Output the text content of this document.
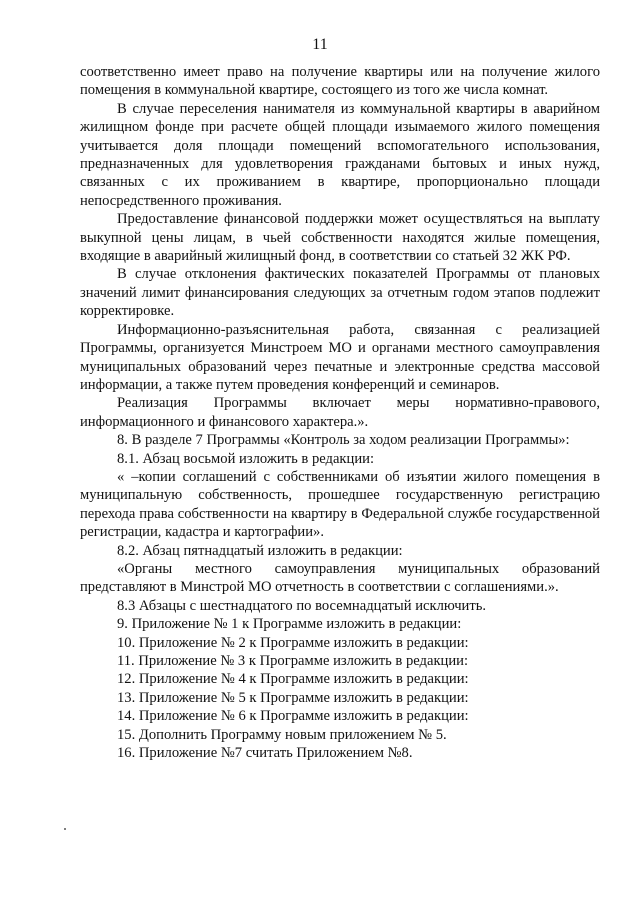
11

соответственно имеет право на получение квартиры или на получение жилого помещения в коммунальной квартире, состоящего из того же числа комнат.

В случае переселения нанимателя из коммунальной квартиры в аварийном жилищном фонде при расчете общей площади изымаемого жилого помещения учитывается доля площади помещений вспомогательного использования, предназначенных для удовлетворения гражданами бытовых и иных нужд, связанных с их проживанием в квартире, пропорционально площади непосредственного проживания.

Предоставление финансовой поддержки может осуществляться на выплату выкупной цены лицам, в чьей собственности находятся жилые помещения, входящие в аварийный жилищный фонд, в соответствии со статьей 32 ЖК РФ.

В случае отклонения фактических показателей Программы от плановых значений лимит финансирования следующих за отчетным годом этапов подлежит корректировке.

Информационно-разъяснительная работа, связанная с реализацией Программы, организуется Минстроем МО и органами местного самоуправления муниципальных образований через печатные и электронные средства массовой информации, а также путем проведения конференций и семинаров.

Реализация Программы включает меры нормативно-правового, информационного и финансового характера.».

8. В разделе 7 Программы «Контроль за ходом реализации Программы»:

8.1. Абзац восьмой изложить в редакции:

« –копии соглашений с собственниками об изъятии жилого помещения в муниципальную собственность, прошедшее государственную регистрацию перехода права собственности на квартиру в Федеральной службе государственной регистрации, кадастра и картографии».

8.2. Абзац пятнадцатый изложить в редакции:

«Органы местного самоуправления муниципальных образований представляют в Минстрой МО отчетность в соответствии с соглашениями.».

8.3 Абзацы с шестнадцатого по восемнадцатый исключить.

9. Приложение № 1 к Программе изложить в редакции:

10. Приложение № 2 к Программе изложить в редакции:

11. Приложение № 3 к Программе изложить в редакции:

12. Приложение № 4 к Программе изложить в редакции:

13. Приложение № 5 к Программе изложить в редакции:

14. Приложение № 6 к Программе изложить в редакции:

15. Дополнить Программу новым приложением № 5.

16. Приложение №7 считать Приложением №8.
